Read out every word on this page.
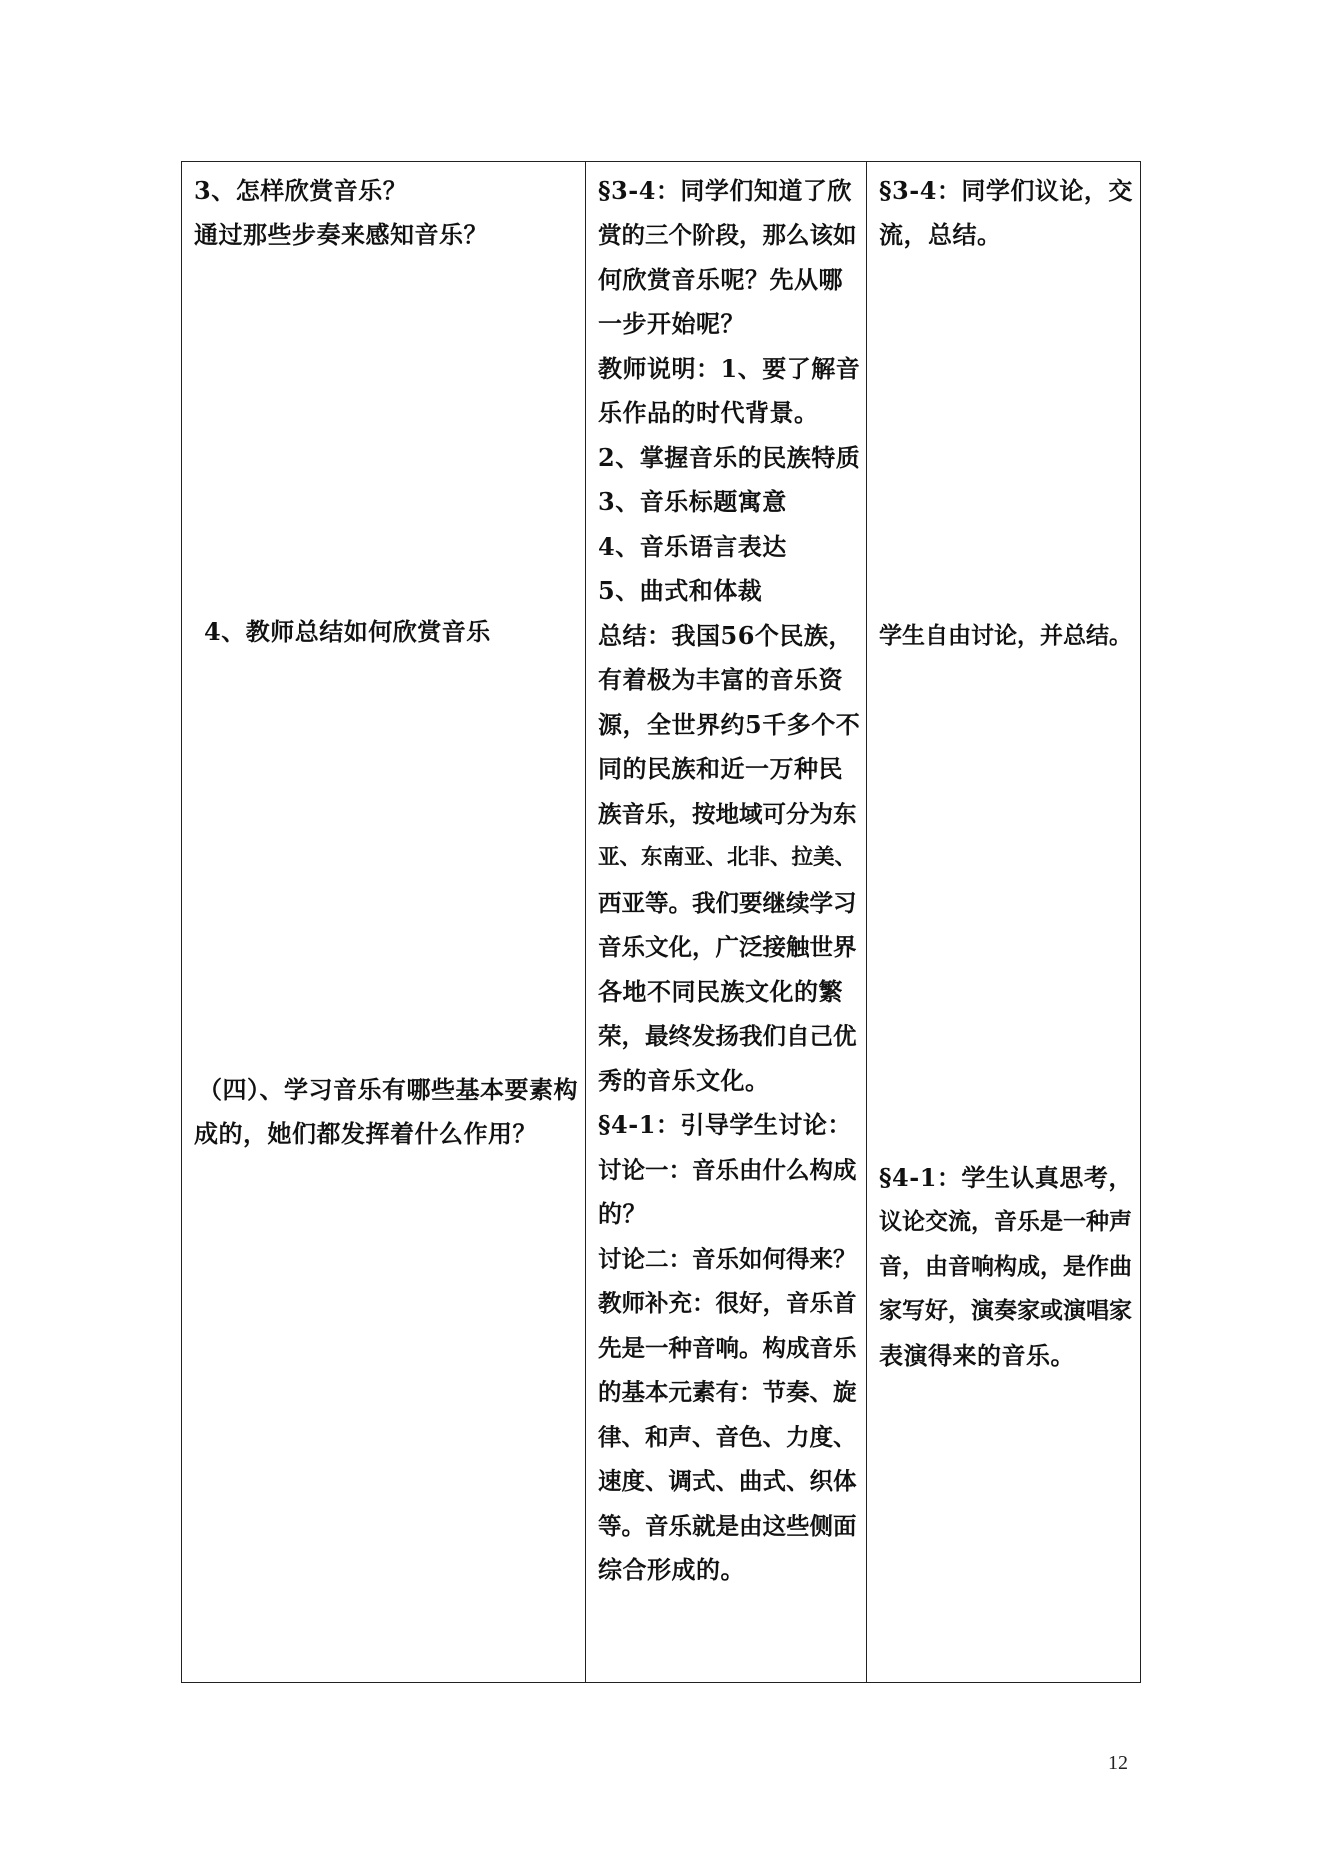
3、怎样欣赏音乐？
通过那些步奏来感知音乐？
4、教师总结如何欣赏音乐
（四）、学习音乐有哪些基本要素构
成的，她们都发挥着什么作用？
§3-4：同学们知道了欣
赏的三个阶段，那么该如
何欣赏音乐呢？先从哪
一步开始呢？
教师说明：1、要了解音
乐作品的时代背景。
2、掌握音乐的民族特质
3、音乐标题寓意
4、音乐语言表达
5、曲式和体裁
总结：我国56个民族，
有着极为丰富的音乐资
源，全世界约5千多个不
同的民族和近一万种民
族音乐，按地域可分为东
亚、东南亚、北非、拉美、
西亚等。我们要继续学习
音乐文化，广泛接触世界
各地不同民族文化的繁
荣，最终发扬我们自己优
秀的音乐文化。
§4-1：引导学生讨论：
讨论一：音乐由什么构成
的？
讨论二：音乐如何得来？
教师补充：很好，音乐首
先是一种音响。构成音乐
的基本元素有：节奏、旋
律、和声、音色、力度、
速度、调式、曲式、织体
等。音乐就是由这些侧面
综合形成的。
§3-4：同学们议论，交
流，总结。
学生自由讨论，并总结。
§4-1：学生认真思考，
议论交流，音乐是一种声
音，由音响构成，是作曲
家写好，演奏家或演唱家
表演得来的音乐。
12
